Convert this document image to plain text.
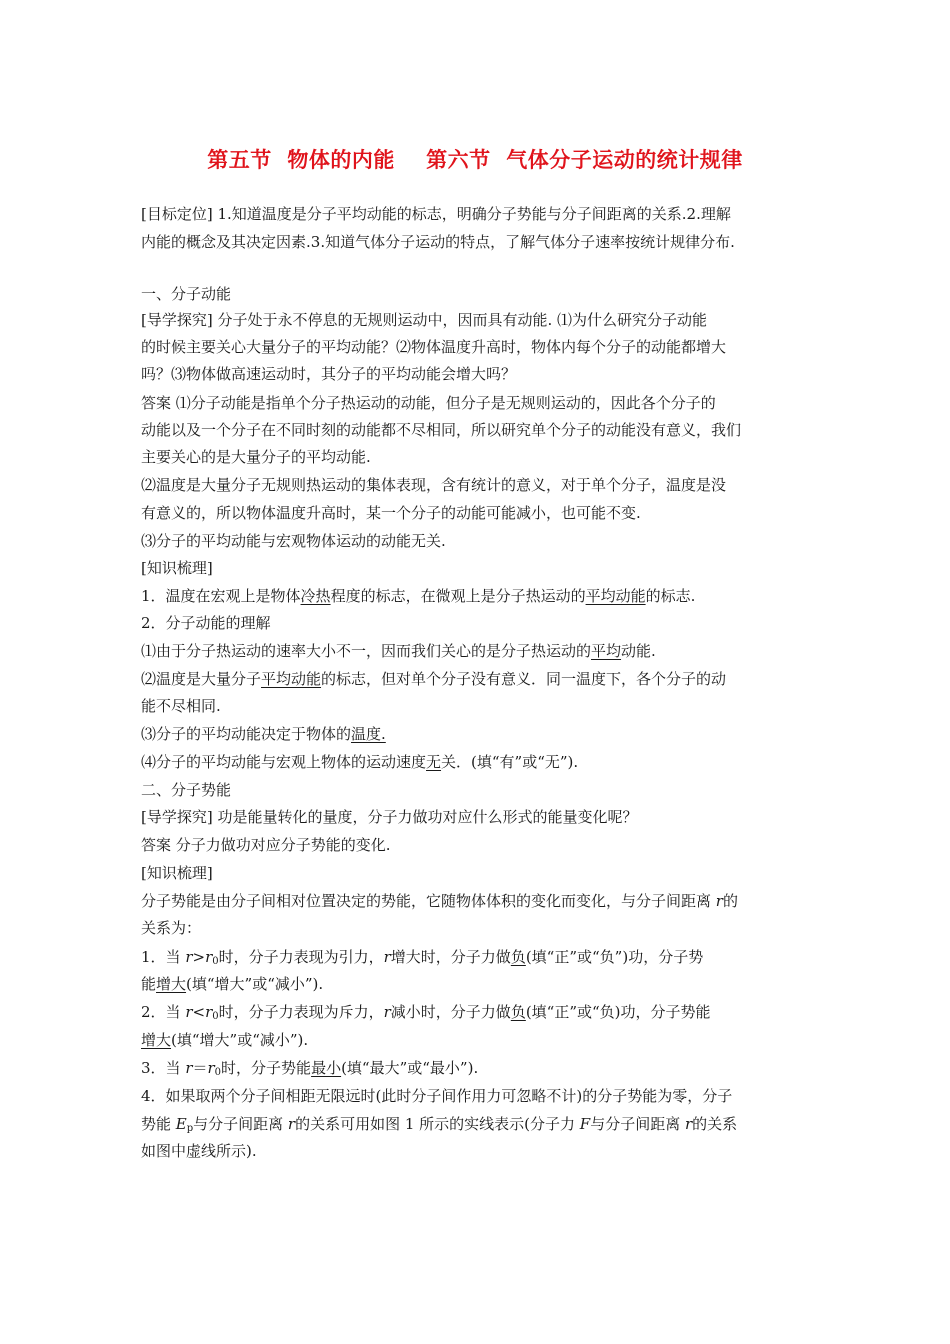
第五节  物体的内能    第六节  气体分子运动的统计规律
[目标定位] 1.知道温度是分子平均动能的标志，明确分子势能与分子间距离的关系.2.理解
内能的概念及其决定因素.3.知道气体分子运动的特点，了解气体分子速率按统计规律分布.
一、分子动能
[导学探究] 分子处于永不停息的无规则运动中，因而具有动能. ⑴为什么研究分子动能
的时候主要关心大量分子的平均动能？⑵物体温度升高时，物体内每个分子的动能都增大
吗？⑶物体做高速运动时，其分子的平均动能会增大吗？
答案 ⑴分子动能是指单个分子热运动的动能，但分子是无规则运动的，因此各个分子的
动能以及一个分子在不同时刻的动能都不尽相同，所以研究单个分子的动能没有意义，我们
主要关心的是大量分子的平均动能.
⑵温度是大量分子无规则热运动的集体表现，含有统计的意义，对于单个分子，温度是没
有意义的，所以物体温度升高时，某一个分子的动能可能减小，也可能不变.
⑶分子的平均动能与宏观物体运动的动能无关.
[知识梳理]
1．温度在宏观上是物体冷热程度的标志，在微观上是分子热运动的平均动能的标志.
2．分子动能的理解
⑴由于分子热运动的速率大小不一，因而我们关心的是分子热运动的平均动能.
⑵温度是大量分子平均动能的标志，但对单个分子没有意义．同一温度下，各个分子的动
能不尽相同.
⑶分子的平均动能决定于物体的温度.
⑷分子的平均动能与宏观上物体的运动速度无关．(填“有”或“无”).
二、分子势能
[导学探究] 功是能量转化的量度，分子力做功对应什么形式的能量变化呢？
答案 分子力做功对应分子势能的变化.
[知识梳理]
分子势能是由分子间相对位置决定的势能，它随物体体积的变化而变化，与分子间距离 r的
关系为：
1．当 $r>r_0$时，分子力表现为引力，r增大时，分子力做负(填“正”或“负”)功，分子势
能增大(填“增大”或“减小”).
2．当 $r<r_0$时，分子力表现为斥力，r减小时，分子力做负(填“正”或“负)功，分子势能
增大(填“增大”或“减小”).
3．当 $r=r_0$时，分子势能最小(填“最大”或“最小”).
4．如果取两个分子间相距无限远时(此时分子间作用力可忽略不计)的分子势能为零，分子
势能 $E_p$与分子间距离 r的关系可用如图 1 所示的实线表示(分子力 F与分子间距离 r的关系
如图中虚线所示).
